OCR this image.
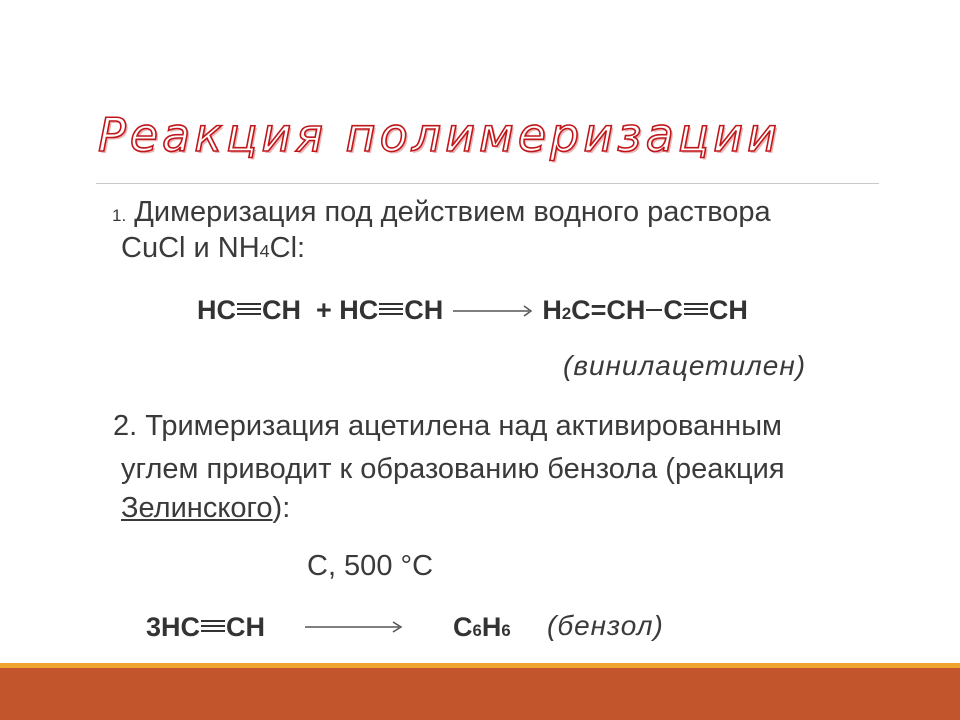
Реакция полимеризации
1. Димеризация под действием водного раствора
CuCl и NH4Cl:
HC CH + HC CH → H2C=CH C CH
(винилацетилен)
2. Тримеризация ацетилена над активированным
углем приводит к образованию бензола (реакция
Зелинского):
C, 500 °C
3HC CH	C6H6 (бензол)
